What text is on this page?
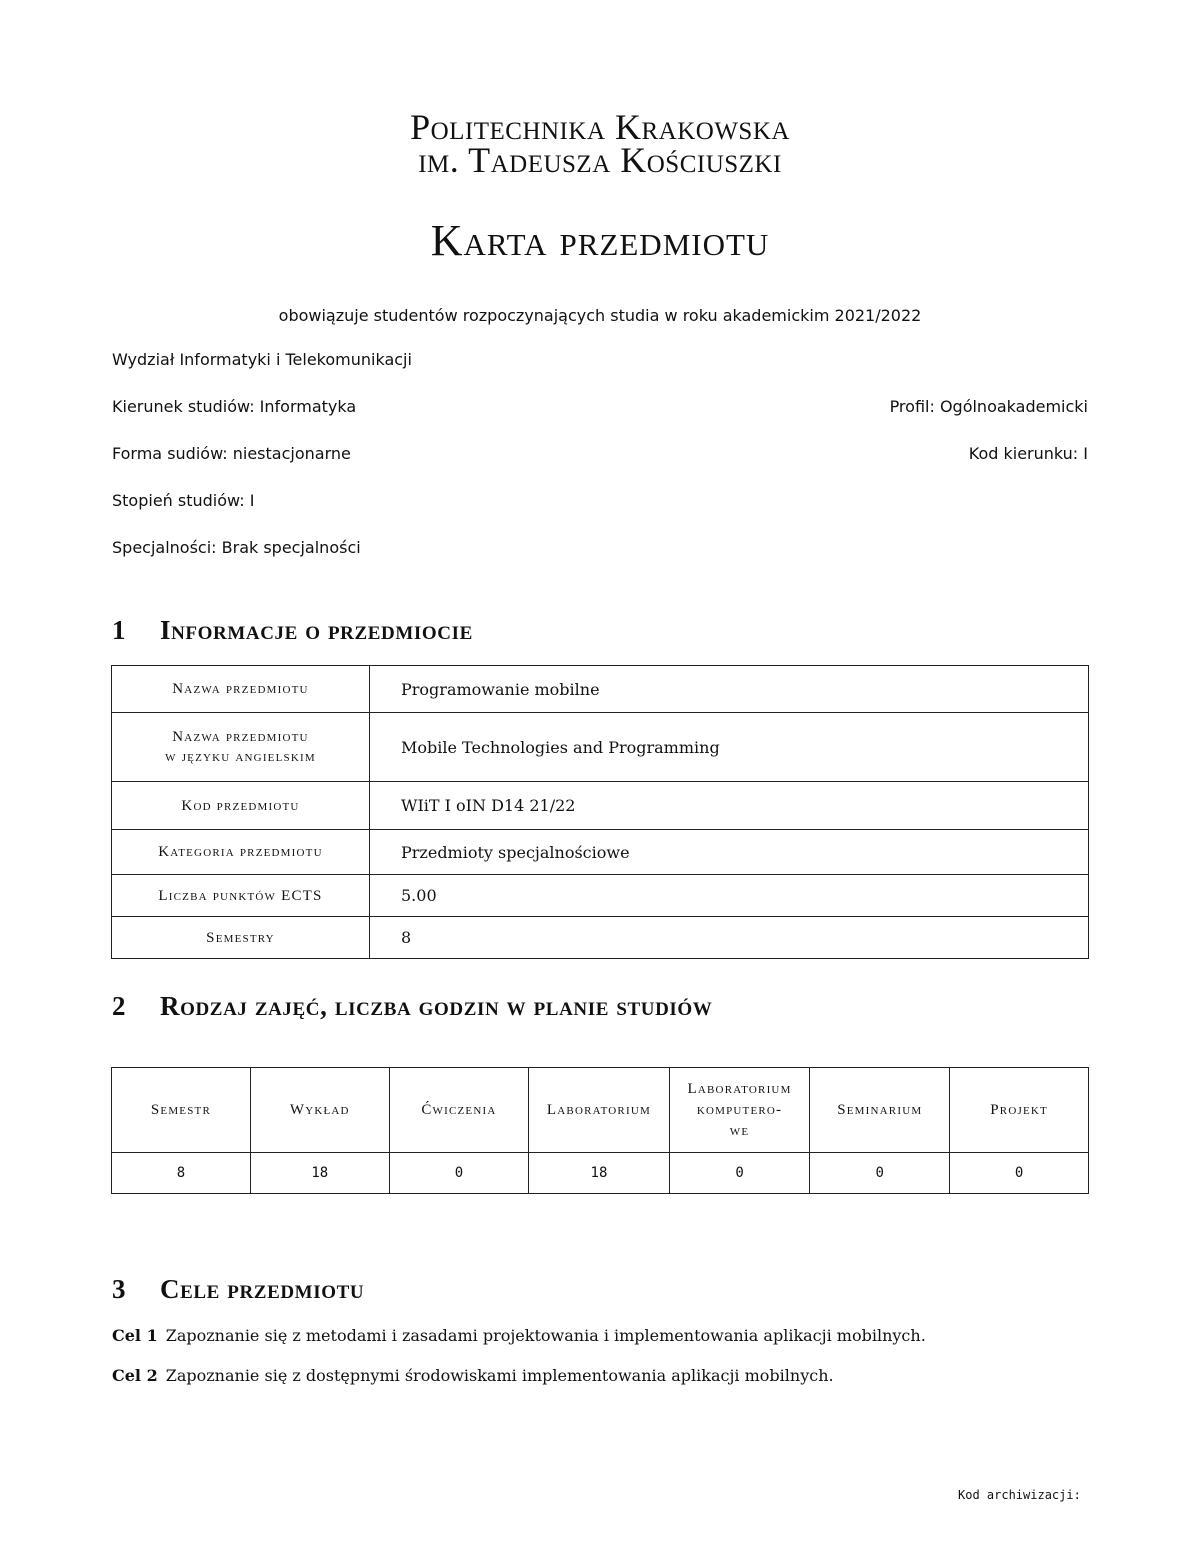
Politechnika Krakowska
im. Tadeusza Kościuszki
Karta przedmiotu
obowiązuje studentów rozpoczynających studia w roku akademickim 2021/2022
Wydział Informatyki i Telekomunikacji
Kierunek studiów: Informatyka	Profil: Ogólnoakademicki
Forma sudiów: niestacjonarne	Kod kierunku: I
Stopień studiów: I
Specjalności: Brak specjalności
1 Informacje o przedmiocie
Nazwa przedmiotu	Programowanie mobilne

Nazwa przedmiotu
w języku angielskim	Mobile Technologies and Programming
Kod przedmiotu	WIiT I oIN D14 21/22
Kategoria przedmiotu	Przedmioty specjalnościowe
Liczba punktów ECTS	5.00
Semestry	8
2 Rodzaj zajęć, liczba godzin w planie studiów
Semestr	Wykład	Ćwiczenia	Laboratorium	Laboratorium
komputero-
we	Seminarium	Projekt
8	18	0	18	0	0	0
3 Cele przedmiotu
Cel 1 Zapoznanie się z metodami i zasadami projektowania i implementowania aplikacji mobilnych.
Cel 2 Zapoznanie się z dostępnymi środowiskami implementowania aplikacji mobilnych.
Kod archiwizacji:
